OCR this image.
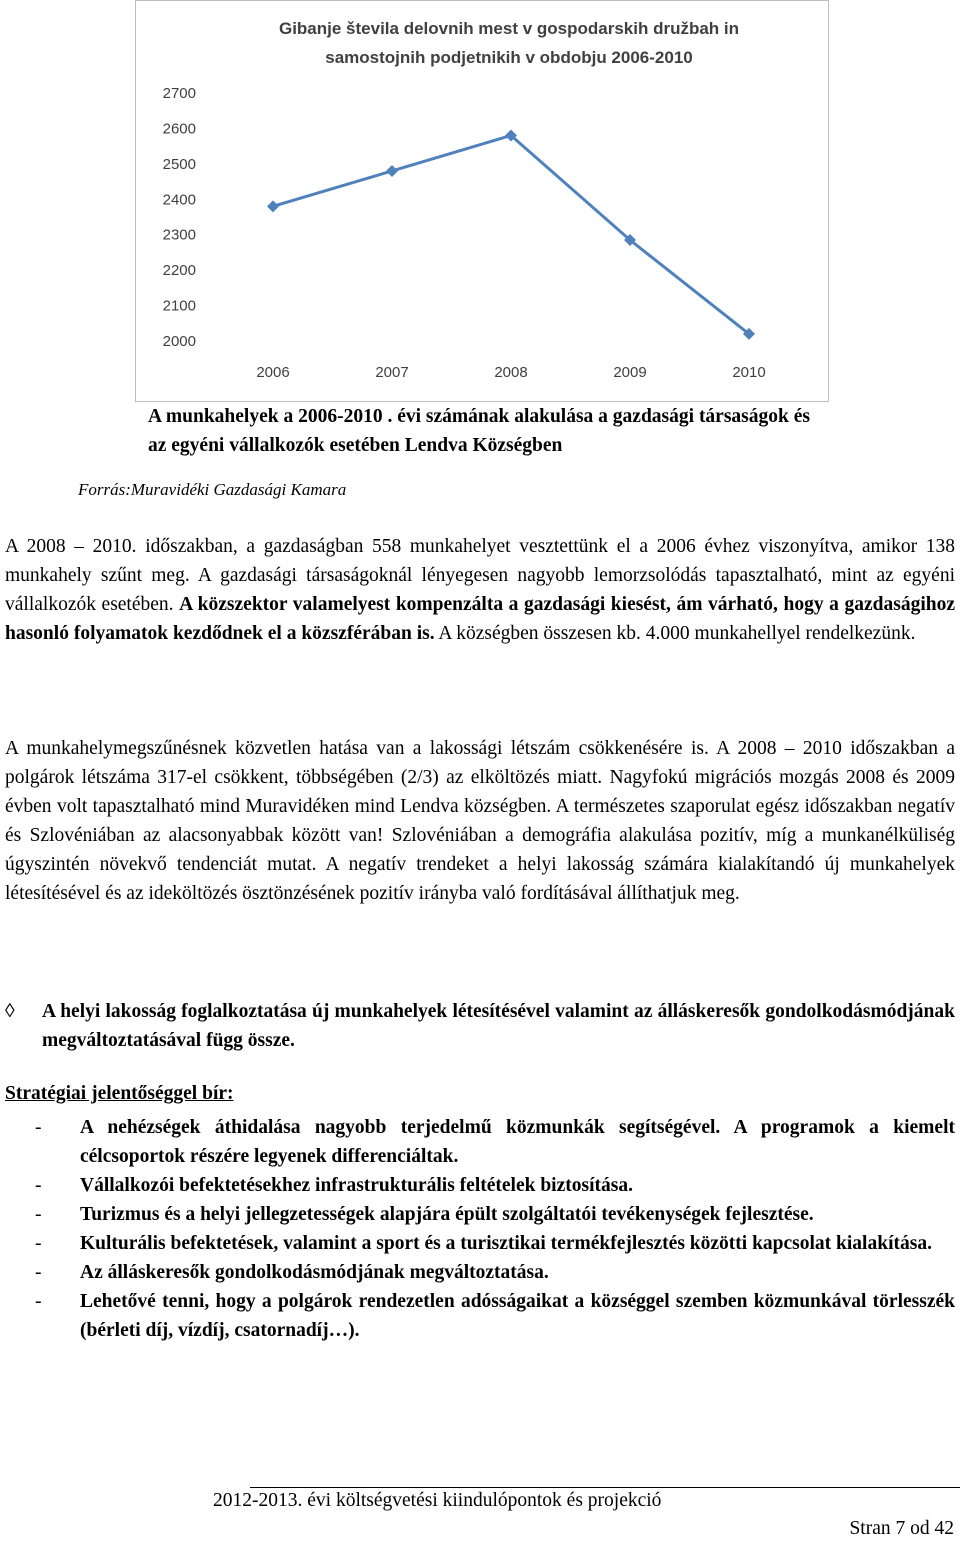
Gibanje števila delovnih mest v gospodarskih družbah in
samostojnih podjetnikih v obdobju 2006-2010
2000
2100
2200
2300
2400
2500
2600
2700
2006	2007	2008	2009	2010
A munkahelyek a 2006-2010 . évi számának alakulása a gazdasági társaságok és
az egyéni vállalkozók esetében Lendva Községben
Forrás:Muravidéki Gazdasági Kamara

A 2008 – 2010. időszakban, a gazdaságban 558 munkahelyet vesztettünk el a 2006 évhez viszonyítva, amikor 138 munkahely szűnt meg. A gazdasági társaságoknál lényegesen nagyobb lemorzsolódás tapasztalható, mint az egyéni vállalkozók esetében. A közszektor valamelyest kompenzálta a gazdasági kiesést, ám várható, hogy a gazdaságihoz hasonló folyamatok kezdődnek el a közszférában is. A községben összesen kb. 4.000 munkahellyel rendelkezünk.

A munkahelymegszűnésnek közvetlen hatása van a lakossági létszám csökkenésére is. A 2008 – 2010 időszakban a polgárok létszáma 317-el csökkent, többségében (2/3) az elköltözés miatt. Nagyfokú migrációs mozgás 2008 és 2009 évben volt tapasztalható mind Muravidéken mind Lendva községben. A természetes szaporulat egész időszakban negatív és Szlovéniában az alacsonyabbak között van! Szlovéniában a demográfia alakulása pozitív, míg a munkanélküliség úgyszintén növekvő tendenciát mutat. A negatív trendeket a helyi lakosság számára kialakítandó új munkahelyek létesítésével és az ideköltözés ösztönzésének pozitív irányba való fordításával állíthatjuk meg.

◊ A helyi lakosság foglalkoztatása új munkahelyek létesítésével valamint az álláskeresők gondolkodásmódjának megváltoztatásával függ össze.
Stratégiai jelentőséggel bír:
- A nehézségek áthidalása nagyobb terjedelmű közmunkák segítségével. A programok a kiemelt célcsoportok részére legyenek differenciáltak.
- Vállalkozói befektetésekhez infrastrukturális feltételek biztosítása.
- Turizmus és a helyi jellegzetességek alapjára épült szolgáltatói tevékenységek fejlesztése.
- Kulturális befektetések, valamint a sport és a turisztikai termékfejlesztés közötti kapcsolat kialakítása.
- Az álláskeresők gondolkodásmódjának megváltoztatása.
- Lehetővé tenni, hogy a polgárok rendezetlen adósságaikat a községgel szemben közmunkával törlesszék (bérleti díj, vízdíj, csatornadíj…).
2012-2013. évi költségvetési kiindulópontok és projekció
Stran 7 od 42
